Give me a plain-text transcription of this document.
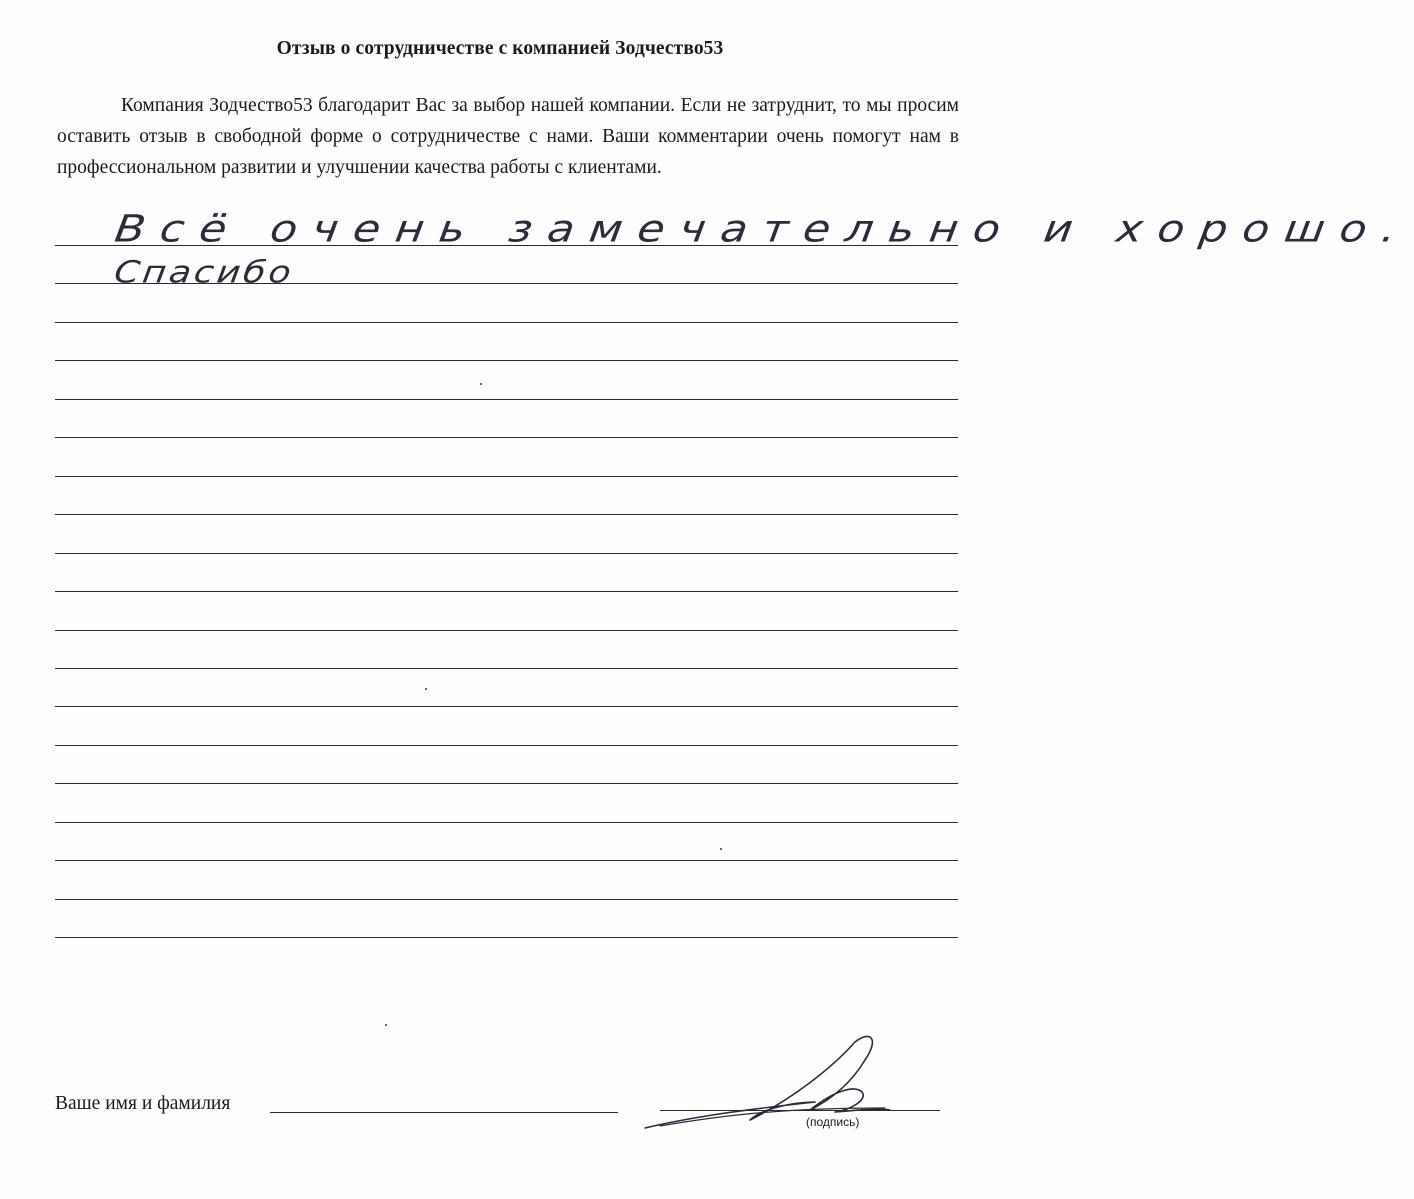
Отзыв о сотрудничестве с компанией Зодчество53
Компания Зодчество53 благодарит Вас за выбор нашей компании. Если не затруднит, то мы просим оставить отзыв в свободной форме о сотрудничестве с нами. Ваши комментарии очень помогут нам в профессиональном развитии и улучшении качества работы с клиентами.
Всё очень замечательно и хорошо.
Спасибо
Ваше имя и фамилия
(подпись)
